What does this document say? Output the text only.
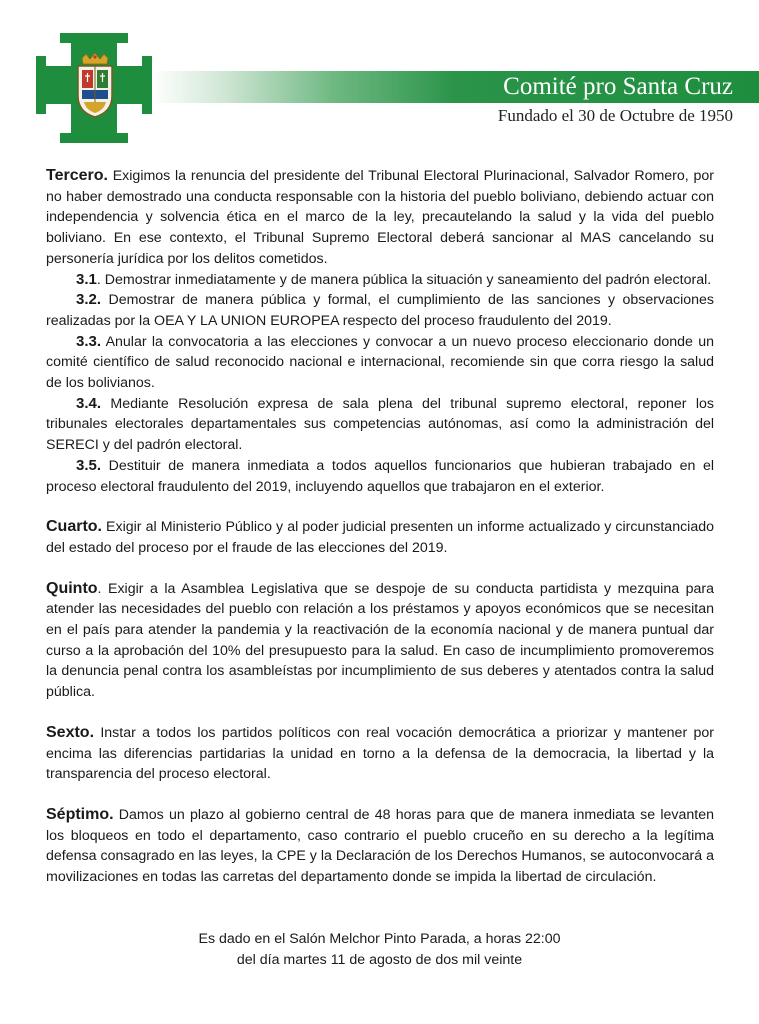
Comité pro Santa Cruz
Fundado el 30 de Octubre de 1950

Tercero. Exigimos la renuncia del presidente del Tribunal Electoral Plurinacional, Salvador Romero, por no haber demostrado una conducta responsable con la historia del pueblo boliviano, debiendo actuar con independencia y solvencia ética en el marco de la ley, precautelando la salud y la vida del pueblo boliviano. En ese contexto, el Tribunal Supremo Electoral deberá sancionar al MAS cancelando su personería jurídica por los delitos cometidos.

3.1. Demostrar inmediatamente y de manera pública la situación y saneamiento del padrón electoral.

3.2. Demostrar de manera pública y formal, el cumplimiento de las sanciones y observaciones realizadas por la OEA Y LA UNION EUROPEA respecto del proceso fraudulento del 2019.

3.3. Anular la convocatoria a las elecciones y convocar a un nuevo proceso eleccionario donde un comité científico de salud reconocido nacional e internacional, recomiende sin que corra riesgo la salud de los bolivianos.

3.4. Mediante Resolución expresa de sala plena del tribunal supremo electoral, reponer los tribunales electorales departamentales sus competencias autónomas, así como la administración del SERECI y del padrón electoral.

3.5. Destituir de manera inmediata a todos aquellos funcionarios que hubieran trabajado en el proceso electoral fraudulento del 2019, incluyendo aquellos que trabajaron en el exterior.

Cuarto. Exigir al Ministerio Público y al poder judicial presenten un informe actualizado y circunstanciado del estado del proceso por el fraude de las elecciones del 2019.

Quinto. Exigir a la Asamblea Legislativa que se despoje de su conducta partidista y mezquina para atender las necesidades del pueblo con relación a los préstamos y apoyos económicos que se necesitan en el país para atender la pandemia y la reactivación de la economía nacional y de manera puntual dar curso a la aprobación del 10% del presupuesto para la salud. En caso de incumplimiento promoveremos la denuncia penal contra los asambleístas por incumplimiento de sus deberes y atentados contra la salud pública.

Sexto. Instar a todos los partidos políticos con real vocación democrática a priorizar y mantener por encima las diferencias partidarias la unidad en torno a la defensa de la democracia, la libertad y la transparencia del proceso electoral.

Séptimo. Damos un plazo al gobierno central de 48 horas para que de manera inmediata se levanten los bloqueos en todo el departamento, caso contrario el pueblo cruceño en su derecho a la legítima defensa consagrado en las leyes, la CPE y la Declaración de los Derechos Humanos, se autoconvocará a movilizaciones en todas las carretas del departamento donde se impida la libertad de circulación.

Es dado en el Salón Melchor Pinto Parada, a horas 22:00
del día martes 11 de agosto de dos mil veinte
